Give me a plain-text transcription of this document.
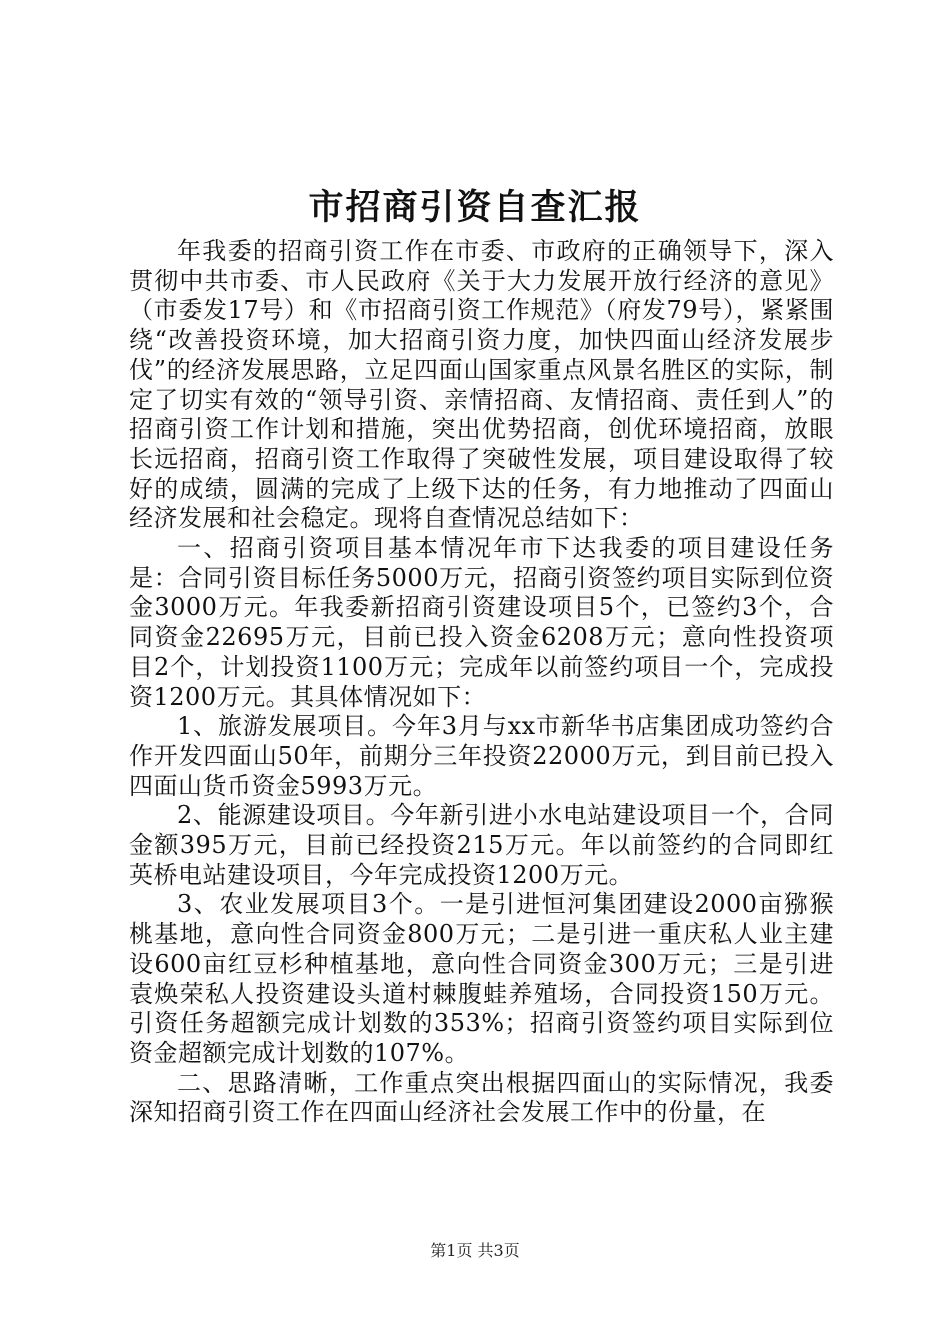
市招商引资自查汇报

年我委的招商引资工作在市委、市政府的正确领导下，深入贯彻中共市委、市人民政府《关于大力发展开放行经济的意见》（市委发17号）和《市招商引资工作规范》（府发79号），紧紧围绕“改善投资环境，加大招商引资力度，加快四面山经济发展步伐”的经济发展思路，立足四面山国家重点风景名胜区的实际，制定了切实有效的“领导引资、亲情招商、友情招商、责任到人”的招商引资工作计划和措施，突出优势招商，创优环境招商，放眼长远招商，招商引资工作取得了突破性发展，项目建设取得了较好的成绩，圆满的完成了上级下达的任务，有力地推动了四面山经济发展和社会稳定。现将自查情况总结如下：

一、招商引资项目基本情况年市下达我委的项目建设任务是：合同引资目标任务5000万元，招商引资签约项目实际到位资金3000万元。年我委新招商引资建设项目5个，已签约3个，合同资金22695万元，目前已投入资金6208万元；意向性投资项目2个，计划投资1100万元；完成年以前签约项目一个，完成投资1200万元。其具体情况如下：

1、旅游发展项目。今年3月与xx市新华书店集团成功签约合作开发四面山50年，前期分三年投资22000万元，到目前已投入四面山货币资金5993万元。

2、能源建设项目。今年新引进小水电站建设项目一个，合同金额395万元，目前已经投资215万元。年以前签约的合同即红英桥电站建设项目，今年完成投资1200万元。

3、农业发展项目3个。一是引进恒河集团建设2000亩猕猴桃基地，意向性合同资金800万元；二是引进一重庆私人业主建设600亩红豆杉种植基地，意向性合同资金300万元；三是引进袁焕荣私人投资建设头道村棘腹蛙养殖场，合同投资150万元。引资任务超额完成计划数的353%；招商引资签约项目实际到位资金超额完成计划数的107%。

二、思路清晰，工作重点突出根据四面山的实际情况，我委深知招商引资工作在四面山经济社会发展工作中的份量，在

第1页 共3页
